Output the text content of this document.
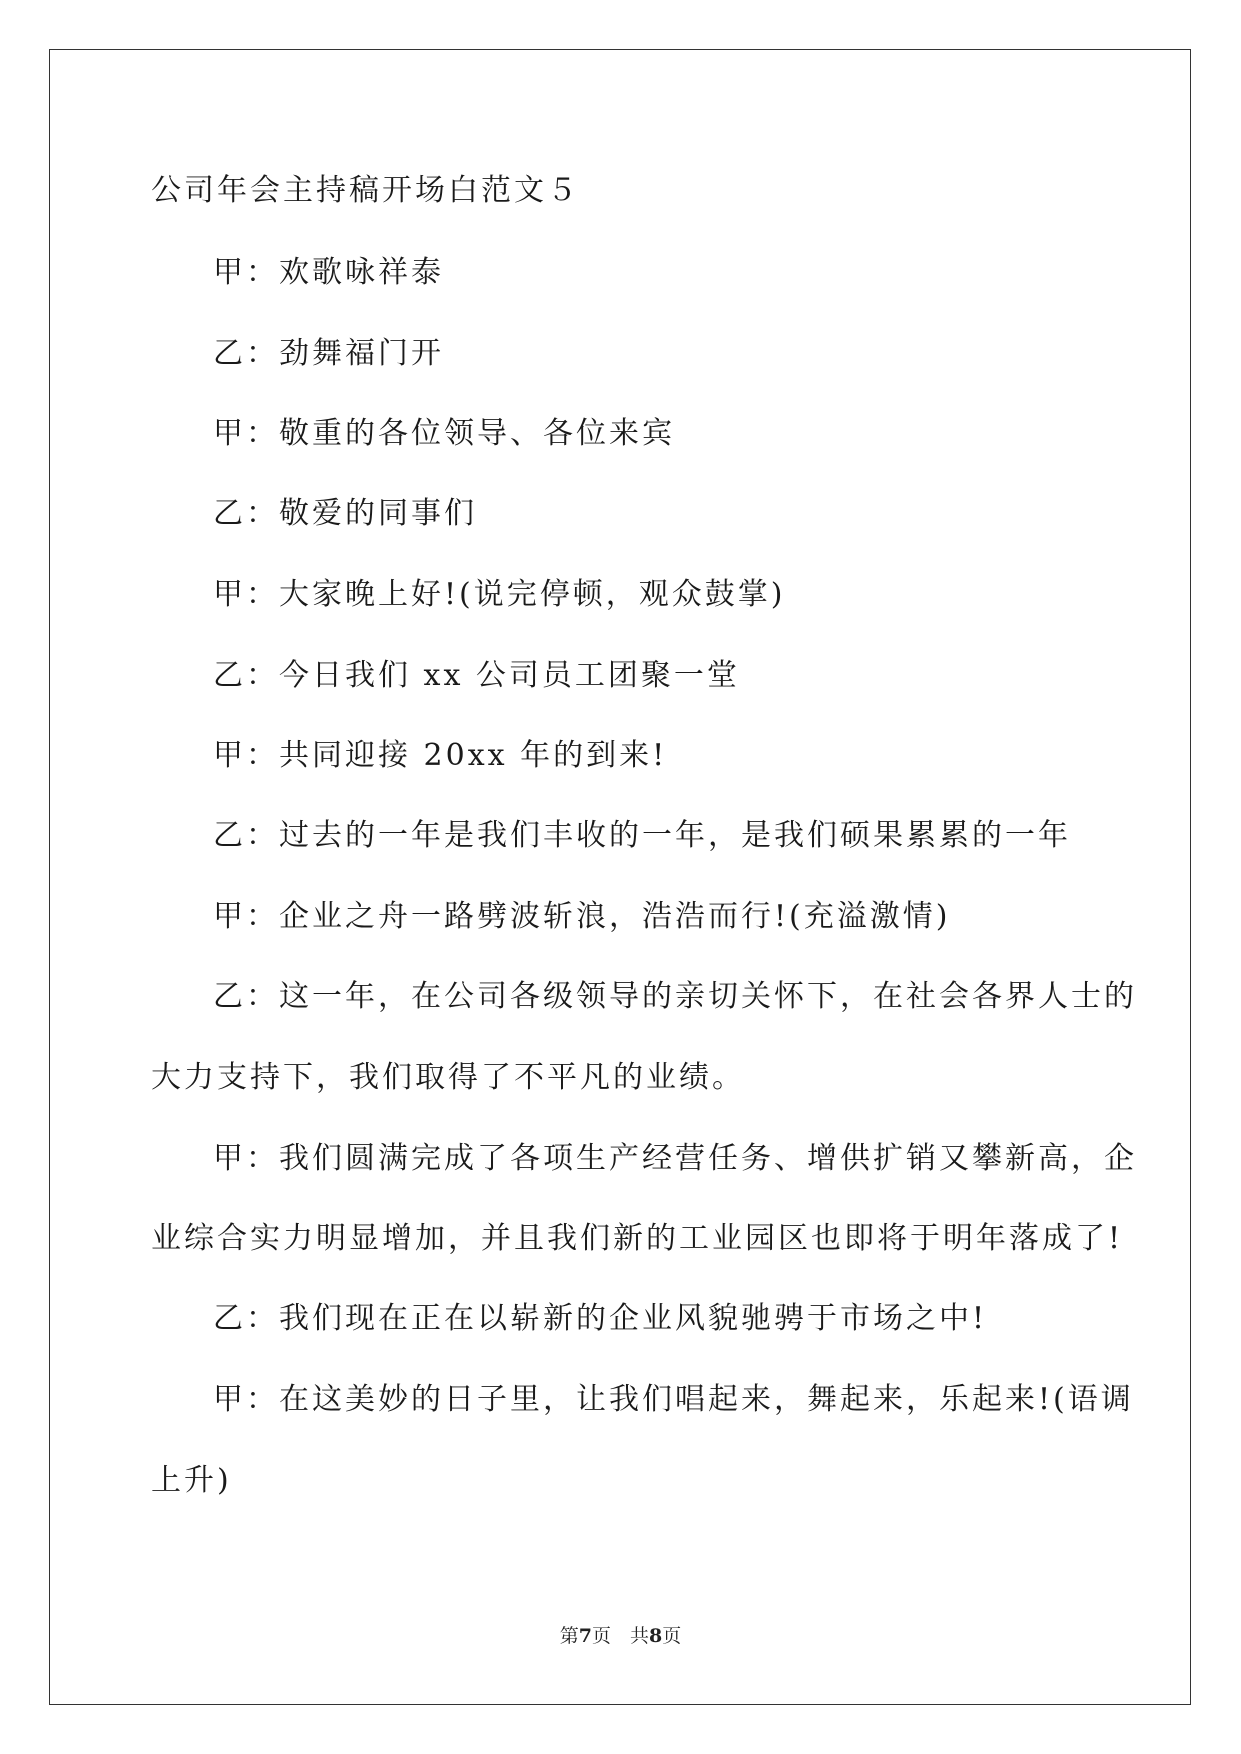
公司年会主持稿开场白范文５
甲：欢歌咏祥泰
乙：劲舞福门开
甲：敬重的各位领导、各位来宾
乙：敬爱的同事们
甲：大家晚上好!(说完停顿，观众鼓掌)
乙：今日我们 xx 公司员工团聚一堂
甲：共同迎接 20xx 年的到来!
乙：过去的一年是我们丰收的一年，是我们硕果累累的一年
甲：企业之舟一路劈波斩浪，浩浩而行!(充溢激情)
乙：这一年，在公司各级领导的亲切关怀下，在社会各界人士的
大力支持下，我们取得了不平凡的业绩。
甲：我们圆满完成了各项生产经营任务、增供扩销又攀新高，企
业综合实力明显增加，并且我们新的工业园区也即将于明年落成了!
乙：我们现在正在以崭新的企业风貌驰骋于市场之中!
甲：在这美妙的日子里，让我们唱起来，舞起来，乐起来!(语调
上升)
第7页　共8页
